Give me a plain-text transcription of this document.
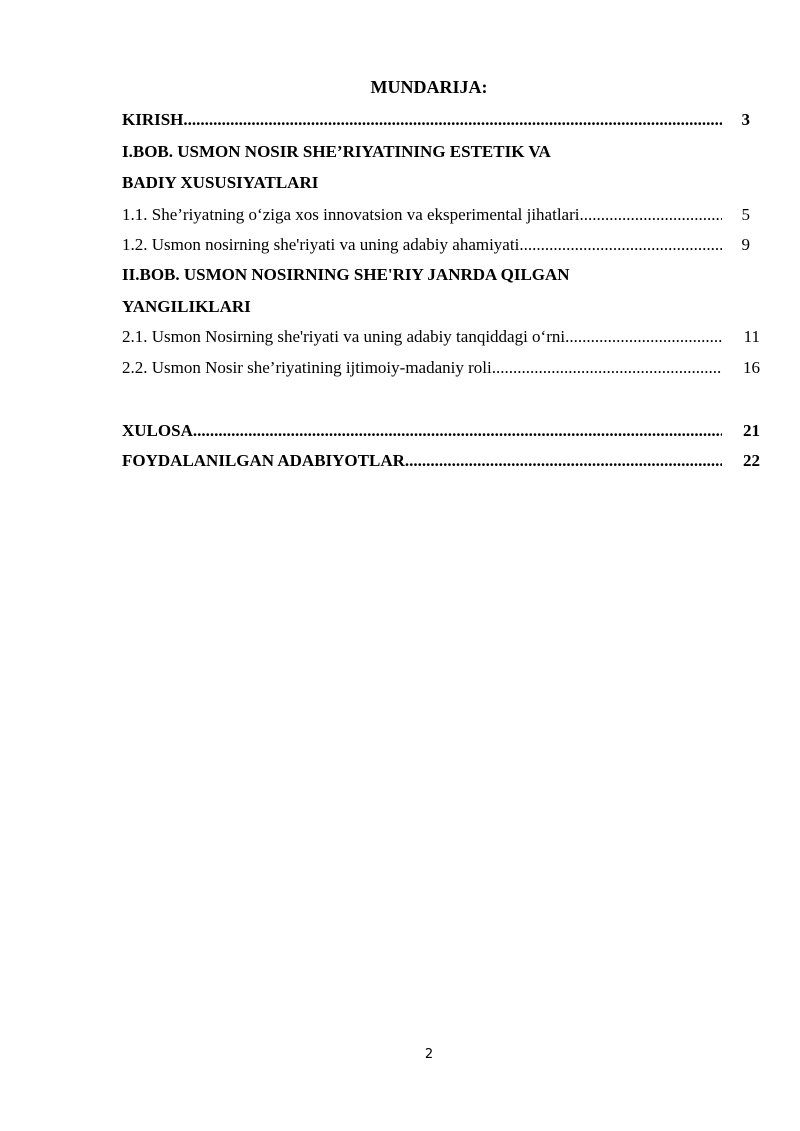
MUNDARIJA:
KIRISH .....	3
I.BOB. USMON NOSIR SHE’RIYATINING ESTETIK VA
BADIY XUSUSIYATLARI
1.1. She’riyatning o‘ziga xos innovatsion va eksperimental jihatlari .....	5
1.2. Usmon nosirning she'riyati va uning adabiy ahamiyati .....	9
II.BOB. USMON NOSIRNING SHE'RIY JANRDA QILGAN
YANGILIKLARI
2.1. Usmon Nosirning she'riyati va uning adabiy tanqiddagi o‘rni .....	11
2.2. Usmon Nosir she’riyatining ijtimoiy-madaniy roli .....	16
XULOSA .....	21
FOYDALANILGAN ADABIYOTLAR .....	22
2
